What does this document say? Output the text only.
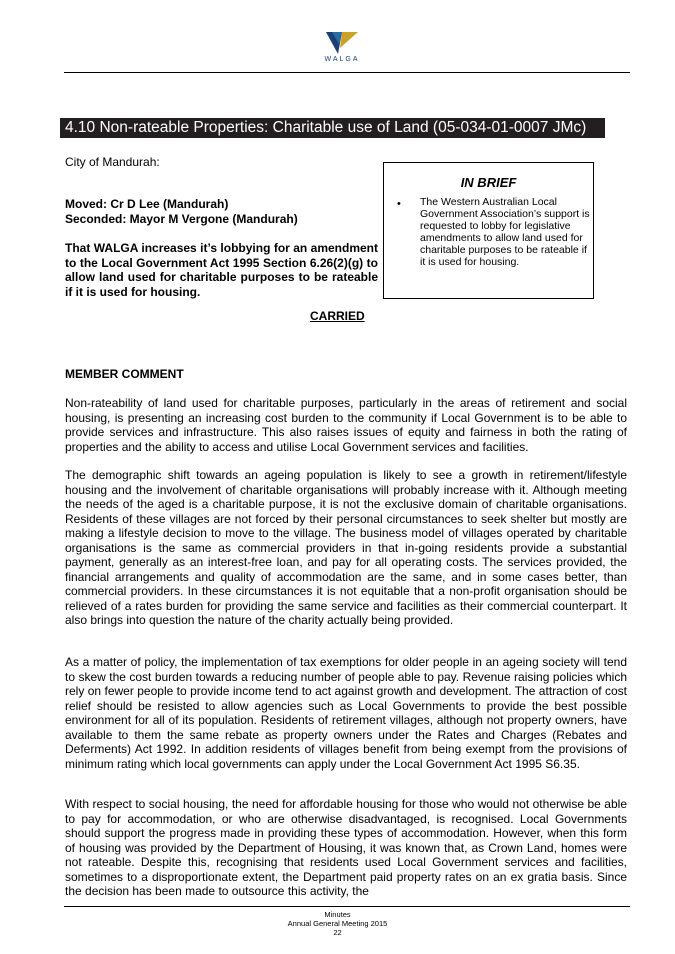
WALGA
4.10 Non-rateable Properties: Charitable use of Land (05-034-01-0007 JMc)

City of Mandurah:

Moved: Cr D Lee (Mandurah)

Seconded: Mayor M Vergone (Mandurah)

That WALGA increases it’s lobbying for an amendment to the Local Government Act 1995 Section 6.26(2)(g) to allow land used for charitable purposes to be rateable if it is used for housing.

CARRIED
IN BRIEF
• The Western Australian Local Government Association’s support is requested to lobby for legislative amendments to allow land used for charitable purposes to be rateable if it is used for housing.
MEMBER COMMENT

Non-rateability of land used for charitable purposes, particularly in the areas of retirement and social housing, is presenting an increasing cost burden to the community if Local Government is to be able to provide services and infrastructure. This also raises issues of equity and fairness in both the rating of properties and the ability to access and utilise Local Government services and facilities.

The demographic shift towards an ageing population is likely to see a growth in retirement/lifestyle housing and the involvement of charitable organisations will probably increase with it. Although meeting the needs of the aged is a charitable purpose, it is not the exclusive domain of charitable organisations. Residents of these villages are not forced by their personal circumstances to seek shelter but mostly are making a lifestyle decision to move to the village. The business model of villages operated by charitable organisations is the same as commercial providers in that in-going residents provide a substantial payment, generally as an interest-free loan, and pay for all operating costs. The services provided, the financial arrangements and quality of accommodation are the same, and in some cases better, than commercial providers. In these circumstances it is not equitable that a non-profit organisation should be relieved of a rates burden for providing the same service and facilities as their commercial counterpart. It also brings into question the nature of the charity actually being provided.

As a matter of policy, the implementation of tax exemptions for older people in an ageing society will tend to skew the cost burden towards a reducing number of people able to pay. Revenue raising policies which rely on fewer people to provide income tend to act against growth and development. The attraction of cost relief should be resisted to allow agencies such as Local Governments to provide the best possible environment for all of its population. Residents of retirement villages, although not property owners, have available to them the same rebate as property owners under the Rates and Charges (Rebates and Deferments) Act 1992. In addition residents of villages benefit from being exempt from the provisions of minimum rating which local governments can apply under the Local Government Act 1995 S6.35.

With respect to social housing, the need for affordable housing for those who would not otherwise be able to pay for accommodation, or who are otherwise disadvantaged, is recognised. Local Governments should support the progress made in providing these types of accommodation. However, when this form of housing was provided by the Department of Housing, it was known that, as Crown Land, homes were not rateable. Despite this, recognising that residents used Local Government services and facilities, sometimes to a disproportionate extent, the Department paid property rates on an ex gratia basis. Since the decision has been made to outsource this activity, the

Minutes
Annual General Meeting 2015
22
